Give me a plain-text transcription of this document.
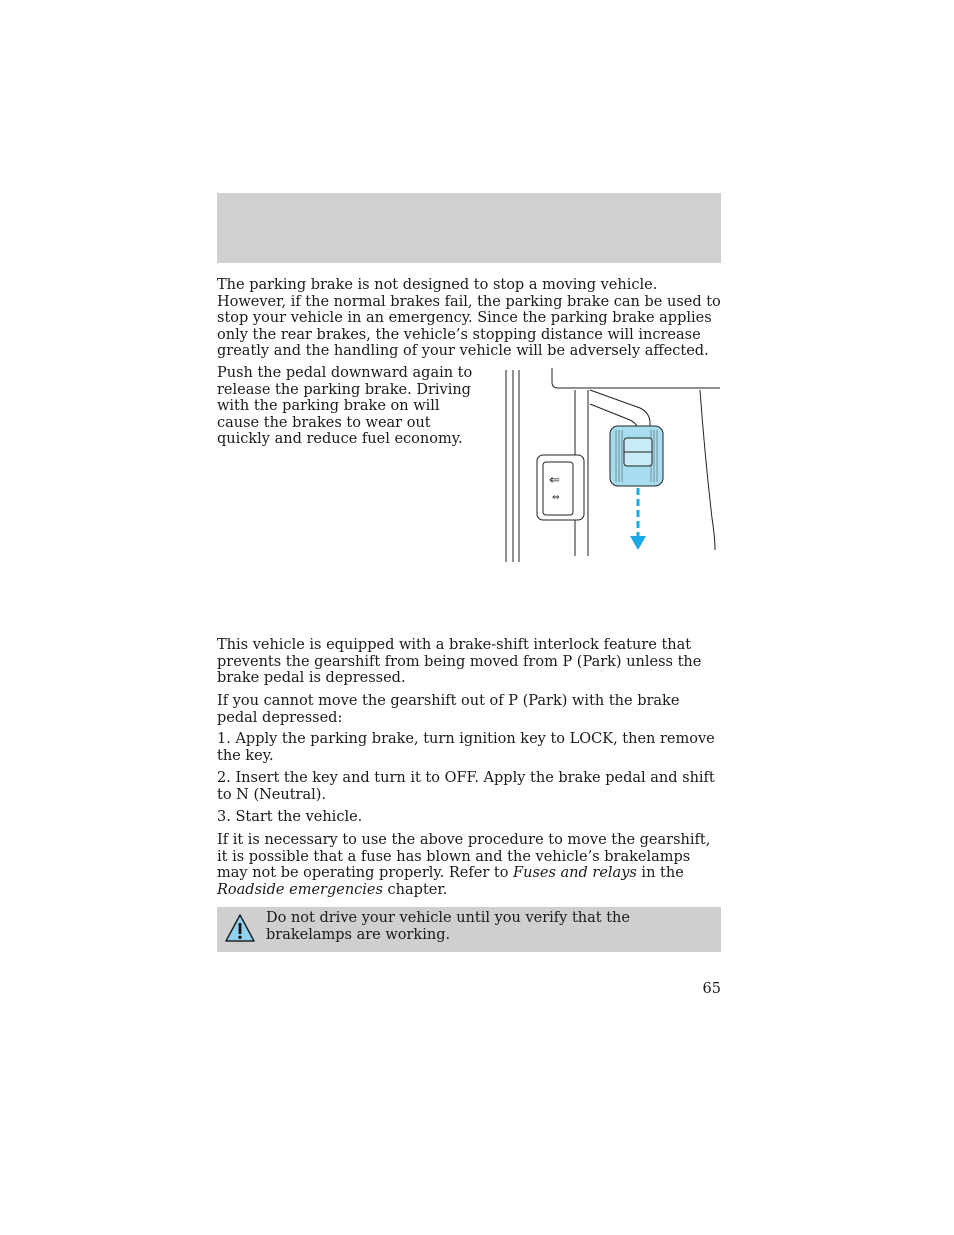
The parking brake is not designed to stop a moving vehicle. However, if the normal brakes fail, the parking brake can be used to stop your vehicle in an emergency. Since the parking brake applies only the rear brakes, the vehicle’s stopping distance will increase greatly and the handling of your vehicle will be adversely affected.

Push the pedal downward again to release the parking brake. Driving with the parking brake on will cause the brakes to wear out quickly and reduce fuel economy.

⇐
⇔

This vehicle is equipped with a brake-shift interlock feature that prevents the gearshift from being moved from P (Park) unless the brake pedal is depressed.

If you cannot move the gearshift out of P (Park) with the brake pedal depressed:

1. Apply the parking brake, turn ignition key to LOCK, then remove the key.

2. Insert the key and turn it to OFF. Apply the brake pedal and shift to N (Neutral).

3. Start the vehicle.

If it is necessary to use the above procedure to move the gearshift, it is possible that a fuse has blown and the vehicle’s brakelamps may not be operating properly. Refer to Fuses and relays in the Roadside emergencies chapter.

Do not drive your vehicle until you verify that the brakelamps are working.

65
